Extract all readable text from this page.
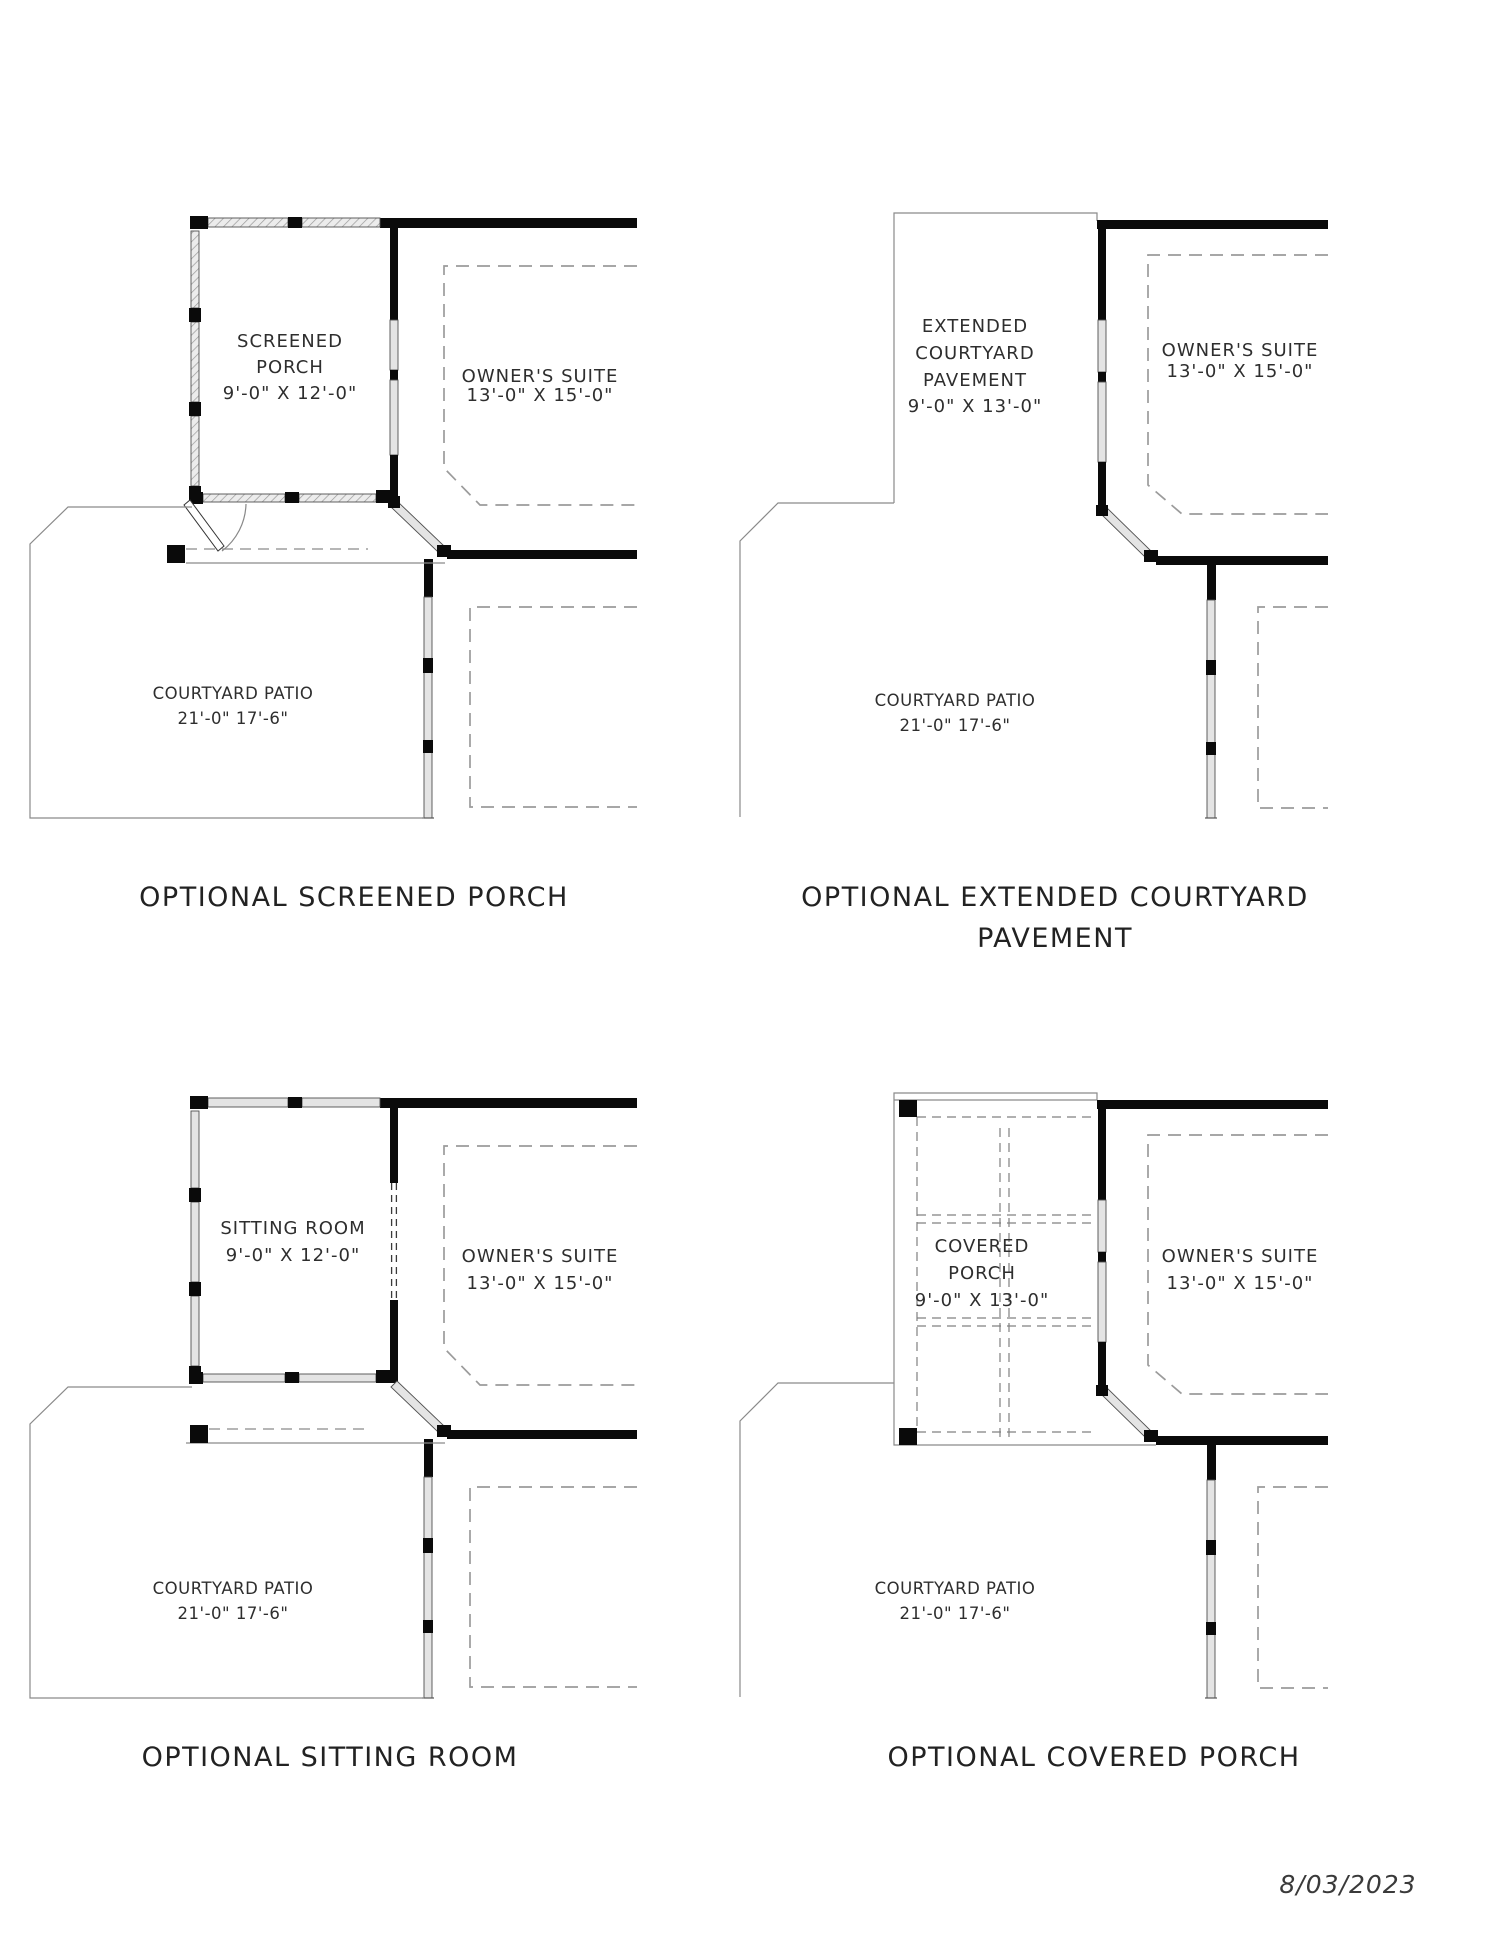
SCREENED
PORCH
9'-0" X 12'-0"
OWNER'S SUITE
13'-0" X 15'-0"
COURTYARD PATIO
21'-0" 17'-6"
OPTIONAL SCREENED PORCH
EXTENDED
COURTYARD
PAVEMENT
9'-0" X 13'-0"
OWNER'S SUITE
13'-0" X 15'-0"
COURTYARD PATIO
21'-0" 17'-6"
OPTIONAL EXTENDED COURTYARD
PAVEMENT
SITTING ROOM
9'-0" X 12'-0"	OWNER'S SUITE
13'-0" X 15'-0"
COURTYARD PATIO
21'-0" 17'-6"
OPTIONAL SITTING ROOM
COVERED
PORCH
9'-0" X 13'-0"
OWNER'S SUITE
13'-0" X 15'-0"
COURTYARD PATIO
21'-0" 17'-6"
OPTIONAL COVERED PORCH
8/03/2023
